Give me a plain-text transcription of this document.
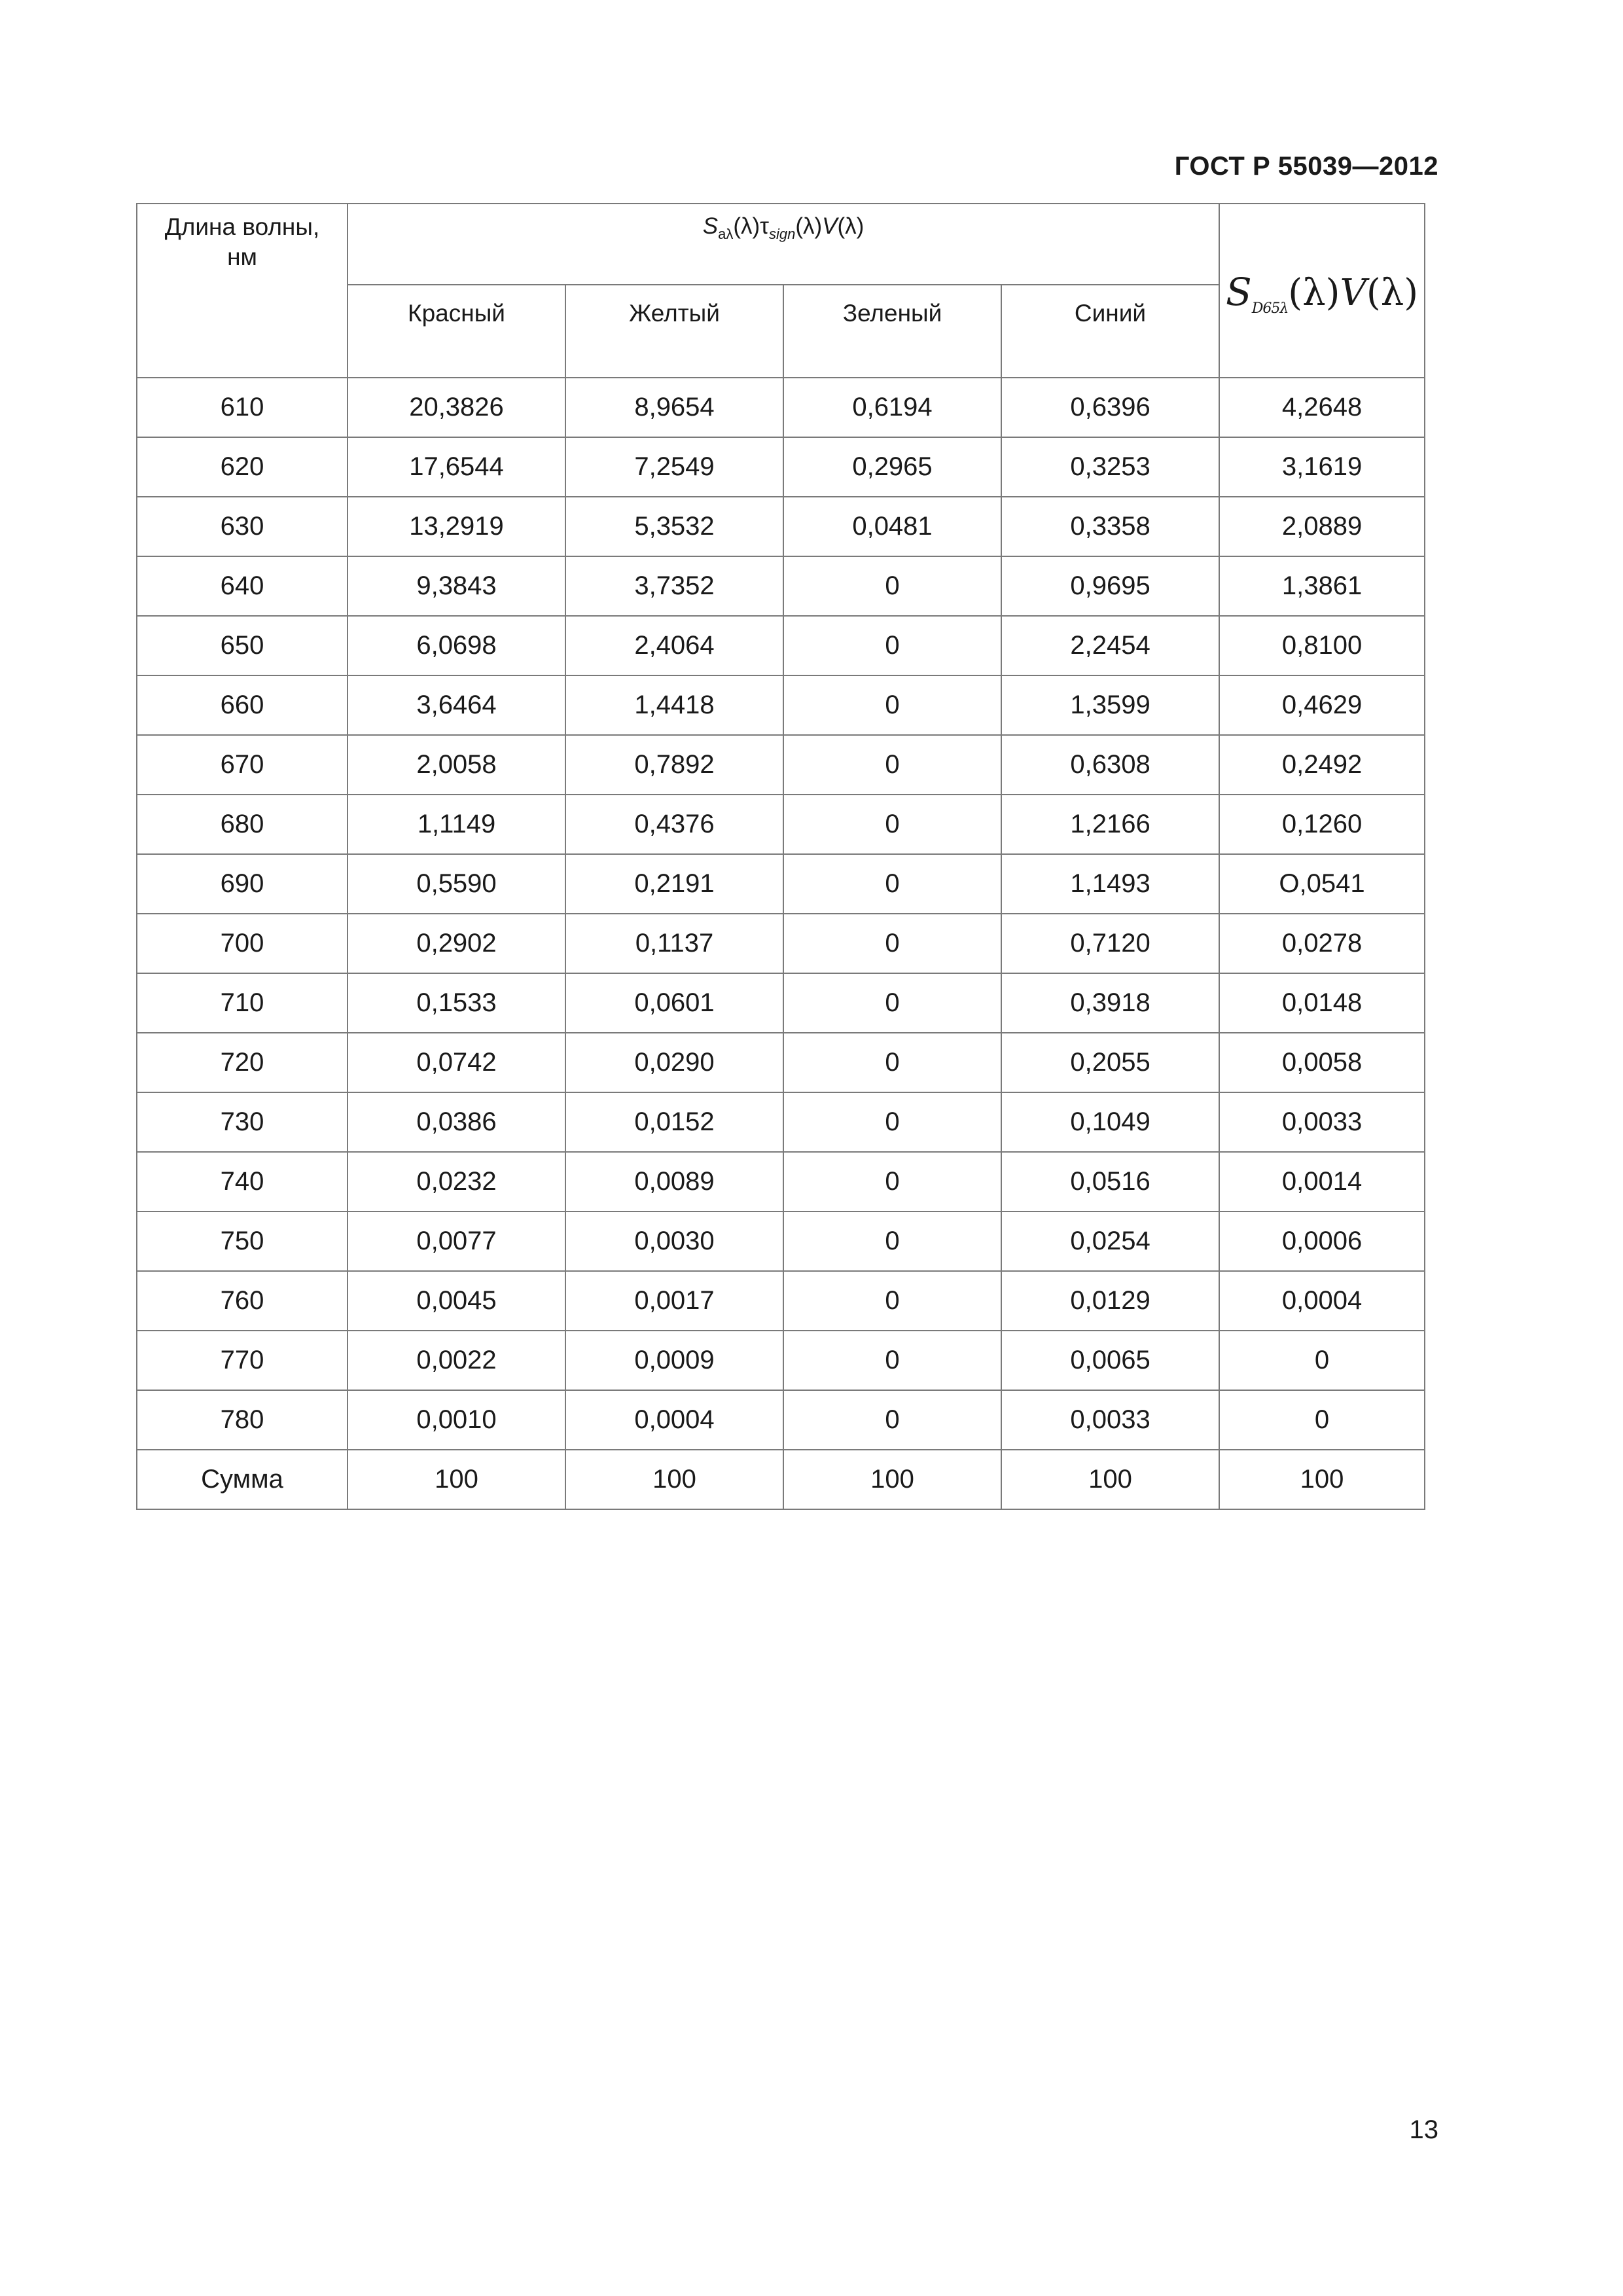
ГОСТ Р 55039—2012
Длина волны,
нм	$S_{a\lambda}(\lambda)\tau_{sign}(\lambda)V(\lambda)$				$S_{D65\lambda}(\lambda)V(\lambda)$
	Красный	Желтый	Зеленый	Синий	
610	20,3826	8,9654	0,6194	0,6396	4,2648
620	17,6544	7,2549	0,2965	0,3253	3,1619
630	13,2919	5,3532	0,0481	0,3358	2,0889
640	9,3843	3,7352	0	0,9695	1,3861
650	6,0698	2,4064	0	2,2454	0,8100
660	3,6464	1,4418	0	1,3599	0,4629
670	2,0058	0,7892	0	0,6308	0,2492
680	1,1149	0,4376	0	1,2166	0,1260
690	0,5590	0,2191	0	1,1493	О,0541
700	0,2902	0,1137	0	0,7120	0,0278
710	0,1533	0,0601	0	0,3918	0,0148
720	0,0742	0,0290	0	0,2055	0,0058
730	0,0386	0,0152	0	0,1049	0,0033
740	0,0232	0,0089	0	0,0516	0,0014
750	0,0077	0,0030	0	0,0254	0,0006
760	0,0045	0,0017	0	0,0129	0,0004
770	0,0022	0,0009	0	0,0065	0
780	0,0010	0,0004	0	0,0033	0
Сумма	100	100	100	100	100
13
